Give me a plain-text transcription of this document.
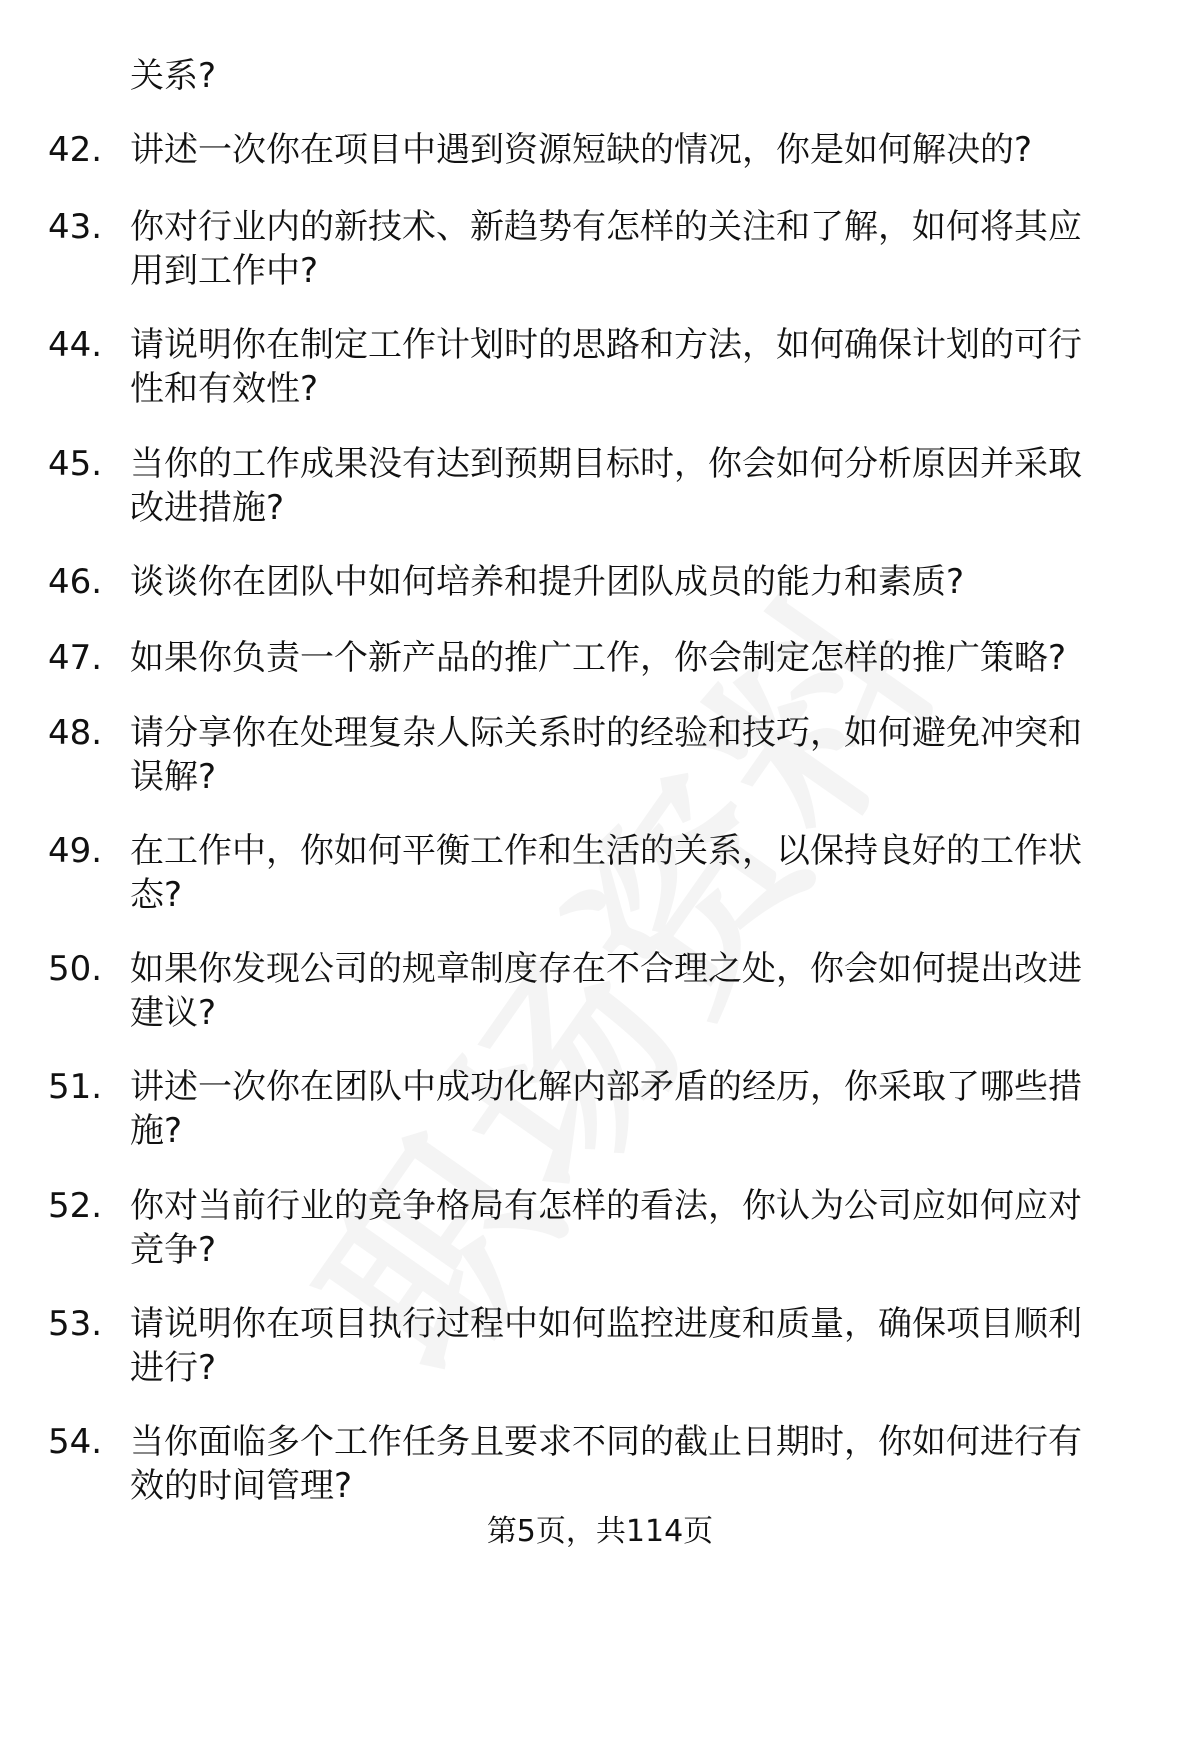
关系?
42. 讲述一次你在项目中遇到资源短缺的情况，你是如何解决的?
43. 你对行业内的新技术、新趋势有怎样的关注和了解，如何将其应
用到工作中?
44. 请说明你在制定工作计划时的思路和方法，如何确保计划的可行
性和有效性?
45. 当你的工作成果没有达到预期目标时，你会如何分析原因并采取
改进措施?
46. 谈谈你在团队中如何培养和提升团队成员的能力和素质?
47. 如果你负责一个新产品的推广工作，你会制定怎样的推广策略?
48. 请分享你在处理复杂人际关系时的经验和技巧，如何避免冲突和
误解?
49. 在工作中，你如何平衡工作和生活的关系，以保持良好的工作状
态?
50. 如果你发现公司的规章制度存在不合理之处，你会如何提出改进
建议?
51. 讲述一次你在团队中成功化解内部矛盾的经历，你采取了哪些措
施?
52. 你对当前行业的竞争格局有怎样的看法，你认为公司应如何应对
竞争?
53. 请说明你在项目执行过程中如何监控进度和质量，确保项目顺利
进行?
54. 当你面临多个工作任务且要求不同的截止日期时，你如何进行有
效的时间管理?
第5页，共114页
